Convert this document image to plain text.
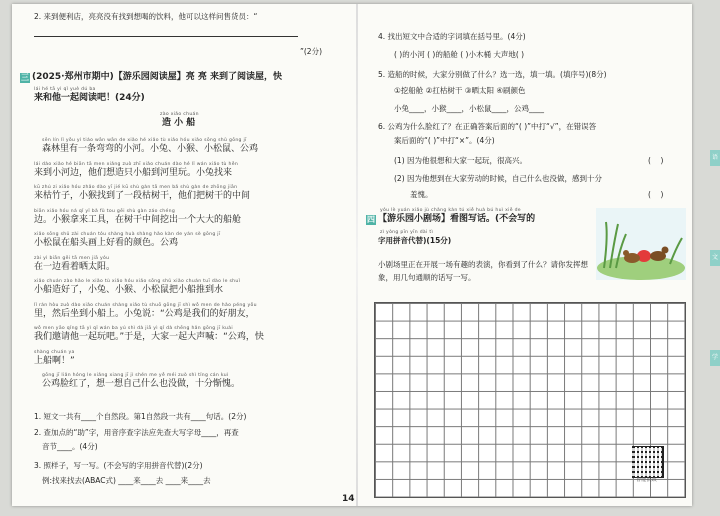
2. 来到便利店，亮亮没有找到想喝的饮料，他可以这样问售货员：“
”(2分)
三 (2025·郑州市期中)【游乐园阅读屋】亮 亮 来到了阅读屋，快
lái hé tā yì qǐ yuè dú ba
来和他一起阅读吧！(24分)
zào xiǎo chuán
造 小 船
sēn lín lǐ yǒu yì tiáo wān wān de xiǎo hé xiǎo tù xiǎo hóu xiǎo sōng shǔ gōng jī
森林里有一条弯弯的小河。小兔、小猴、小松鼠、公鸡
lái dào xiǎo hé biān tā men xiǎng zuò zhī xiǎo chuán dào hé lǐ wán xiǎo tù hěn
来到小河边，他们想造只小船到河里玩。小兔找来
kū zhú zi xiǎo hóu zhǎo dào yī jié kū shù gàn tā men bǎ shù gàn de zhōng jiān
来枯竹子，小猴找到了一段枯树干，他们把树干的中间
biān xiǎo hóu ná qǐ yǐ bǎ fǔ tou gēi shù gàn záo chéng
边。小猴拿来工具，在树干中间挖出一个大大的船舱
xiǎo sōng shǔ zài chuán tóu shàng huà shàng hǎo kàn de yán sè gōng jī
小松鼠在船头画上好看的颜色。公鸡
zài yì biān gěi tā men jiā yóu
在一边看着晒太阳。
xiǎo chuán zào hǎo le xiǎo tù xiǎo hóu xiǎo sōng shǔ xiǎo chuán tuī dào le shuǐ
小船造好了，小兔、小猴、小松鼠把小船推到水
lǐ rán hòu zuò dào xiǎo chuán shàng xiǎo tù shuō gōng jī shì wǒ men de hǎo péng yǒu
里，然后坐到小船上。小兔说：“公鸡是我们的好朋友，
wǒ men yāo qǐng tā yì qǐ wán ba yú shì dà jiā yì qǐ dà shēng hǎn gōng jī kuài
我们邀请他一起玩吧。”于是，大家一起大声喊：“公鸡，快
shàng chuán ya
上船啊！”
gōng jī liǎn hóng le xiǎng xiang jī jì shén me yě méi zuò shì tǐng cán kuì
公鸡脸红了，想一想自己什么也没做，十分惭愧。
1. 短文一共有____个自然段。第1自然段一共有____句话。(2分)
2. 查加点的“助”字，用音序查字法应先查大写字母____，再查
音节____。(4分)
3. 照样子，写一写。(不会写的字用拼音代替)(2分)
例:找来找去(ABAC式) ____来____去 ____来____去
4. 找出短文中合适的字词填在括号里。(4分)
( )的小河 ( )的船舱 ( )小木桶 大声地( )
5. 造船的时候，大家分别做了什么？选一选，填一填。(填序号)(8分)
①挖船舱 ②扛枯树干 ③晒太阳 ④刷颜色
小兔____，小猴____，小松鼠____，公鸡____
6. 公鸡为什么脸红了？在正确答案后面的“( )”中打“√”，在错误答
案后面的“( )”中打“×”。(4分)
(1) 因为他很想和大家一起玩，很高兴。	(    )
(2) 因为他想到在大家劳动的时候，自己什么也没做，感到十分
羞愧。	(    )
四
yóu lè yuán xiǎo jù chǎng kàn tú xiě huà bú huì xiě de
【游乐园小剧场】看图写话。(不会写的
zì yòng pīn yīn dài tì
字用拼音代替)(15分)
小剧场里正在开展一场有趣的表演，你看到了什么？请你发挥想象，用几句通顺的话写一写。
智能批改
语
文
学
14
